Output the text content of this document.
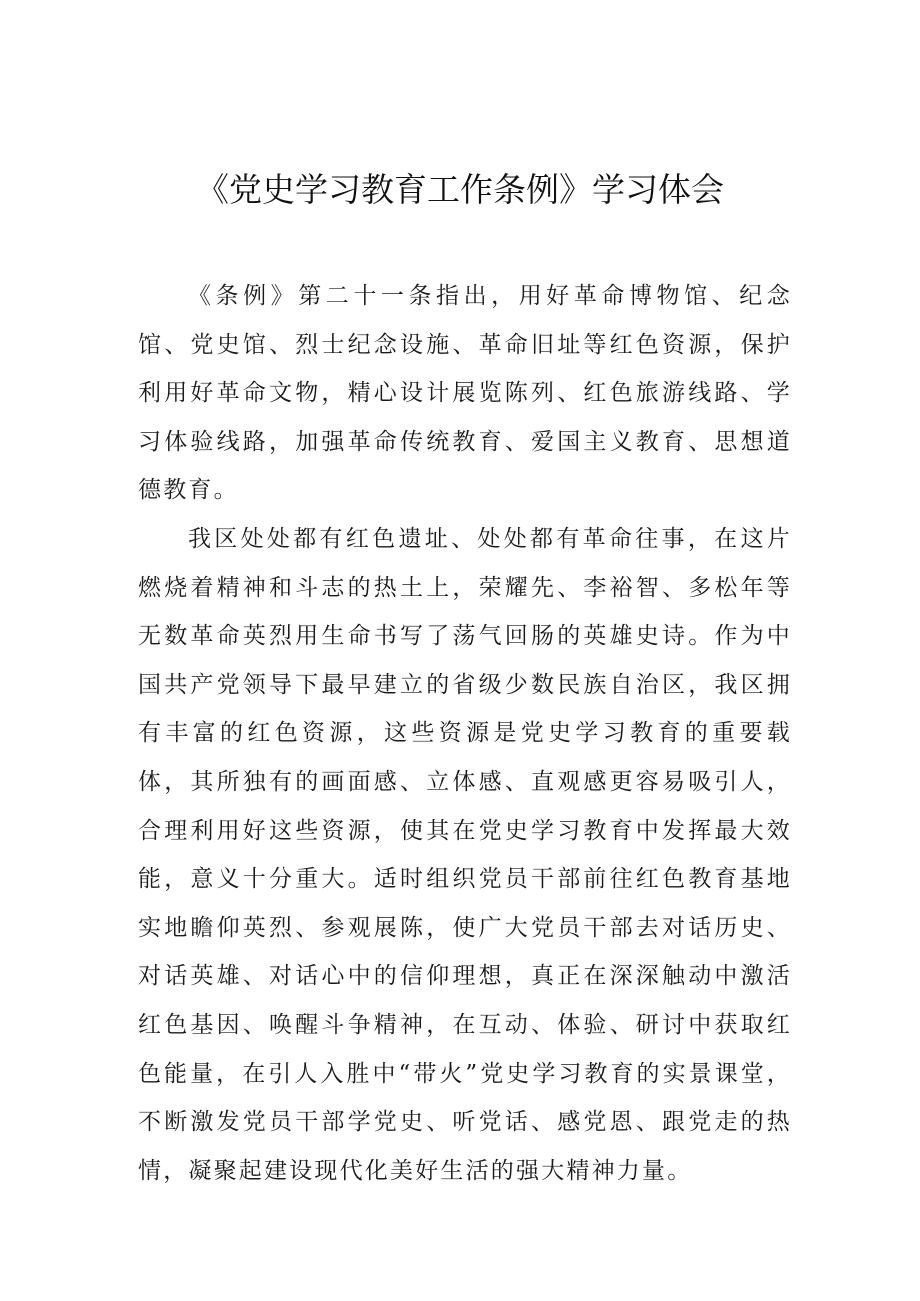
《党史学习教育工作条例》学习体会

《条例》第二十一条指出，用好革命博物馆、纪念馆、党史馆、烈士纪念设施、革命旧址等红色资源，保护利用好革命文物，精心设计展览陈列、红色旅游线路、学习体验线路，加强革命传统教育、爱国主义教育、思想道德教育。

我区处处都有红色遗址、处处都有革命往事，在这片燃烧着精神和斗志的热土上，荣耀先、李裕智、多松年等无数革命英烈用生命书写了荡气回肠的英雄史诗。作为中国共产党领导下最早建立的省级少数民族自治区，我区拥有丰富的红色资源，这些资源是党史学习教育的重要载体，其所独有的画面感、立体感、直观感更容易吸引人，合理利用好这些资源，使其在党史学习教育中发挥最大效能，意义十分重大。适时组织党员干部前往红色教育基地实地瞻仰英烈、参观展陈，使广大党员干部去对话历史、对话英雄、对话心中的信仰理想，真正在深深触动中激活红色基因、唤醒斗争精神，在互动、体验、研讨中获取红色能量，在引人入胜中“带火”党史学习教育的实景课堂，不断激发党员干部学党史、听党话、感党恩、跟党走的热情，凝聚起建设现代化美好生活的强大精神力量。
